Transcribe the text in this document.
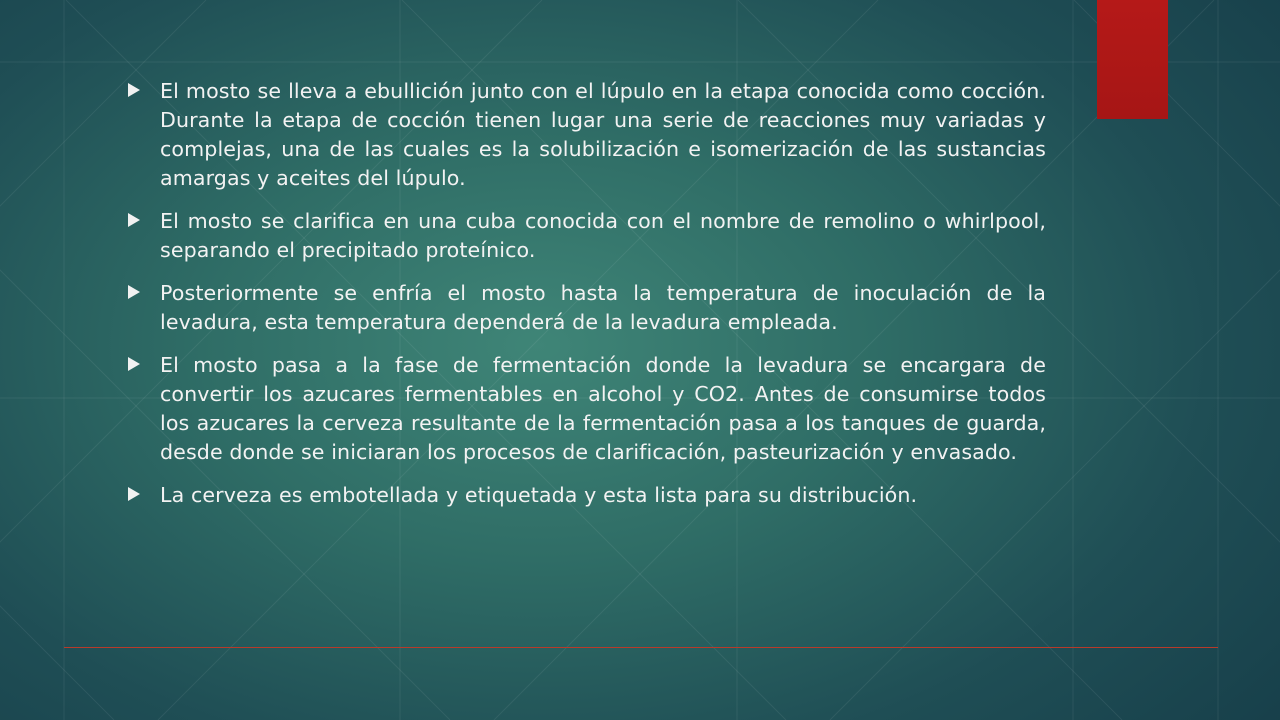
El mosto se lleva a ebullición junto con el lúpulo en la etapa conocida como cocción. Durante la etapa de cocción tienen lugar una serie de reacciones muy variadas y complejas, una de las cuales es la solubilización e isomerización de las sustancias amargas y aceites del lúpulo.
El mosto se clarifica en una cuba conocida con el nombre de remolino o whirlpool, separando el precipitado proteínico.
Posteriormente se enfría el mosto hasta la temperatura de inoculación de la levadura, esta temperatura dependerá de la levadura empleada.
El mosto pasa a la fase de fermentación donde la levadura se encargara de convertir los azucares fermentables en alcohol y CO2. Antes de consumirse todos los azucares la cerveza resultante de la fermentación pasa a los tanques de guarda, desde donde se iniciaran los procesos de clarificación, pasteurización y envasado.
La cerveza es embotellada y etiquetada y esta lista para su distribución.
